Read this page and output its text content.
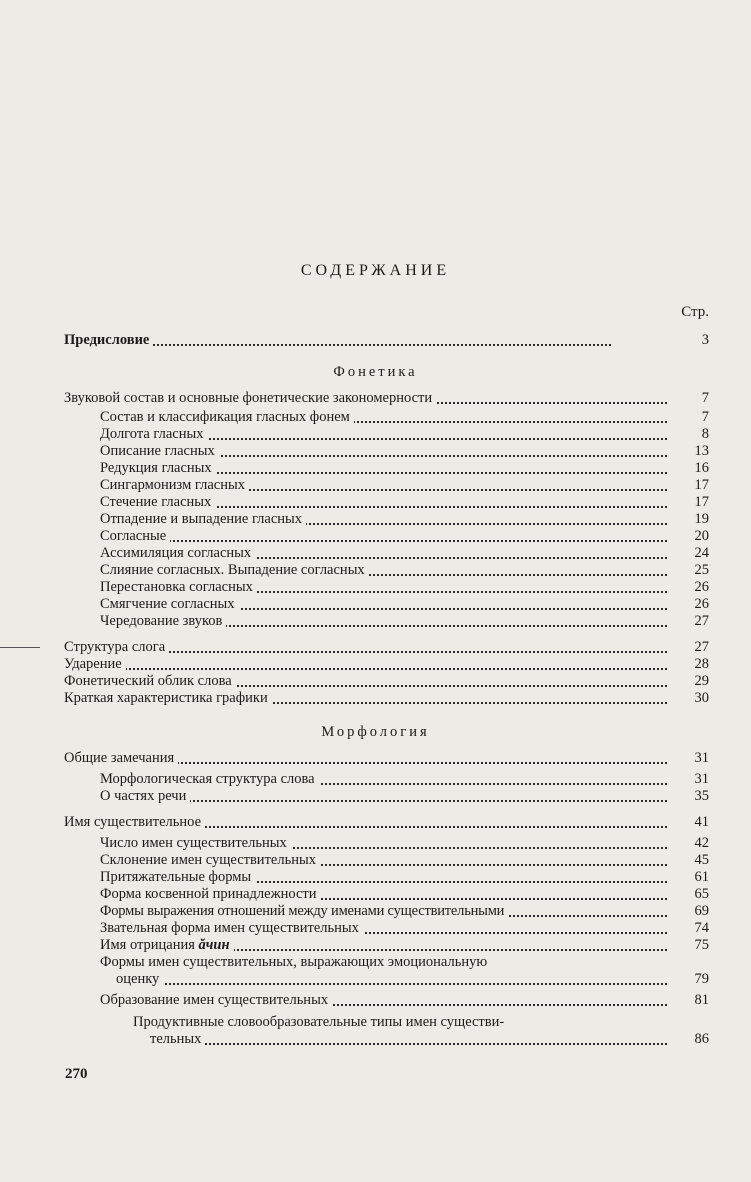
СОДЕРЖАНИЕ
Стр.
Предисловие	3
Фонетика
Звуковой состав и основные фонетические закономерности	7
Состав и классификация гласных фонем	7
Долгота гласных	8
Описание гласных	13
Редукция гласных	16
Сингармонизм гласных	17
Стечение гласных	17
Отпадение и выпадение гласных	19
Согласные	20
Ассимиляция согласных	24
Слияние согласных. Выпадение согласных	25
Перестановка согласных	26
Смягчение согласных	26
Чередование звуков	27
Структура слога	27
Ударение	28
Фонетический облик слова	29
Краткая характеристика графики	30
Морфология
Общие замечания	31
Морфологическая структура слова	31
О частях речи	35
Имя существительное	41
Число имен существительных	42
Склонение имен существительных	45
Притяжательные формы	61
Форма косвенной принадлежности	65
Формы выражения отношений между именами существительными	69
Звательная форма имен существительных	74
Имя отрицания ăчин	75
Формы имен существительных, выражающих эмоциональную
оценку	79
Образование имен существительных	81
Продуктивные словообразовательные типы имен существи-
тельных	86
270
